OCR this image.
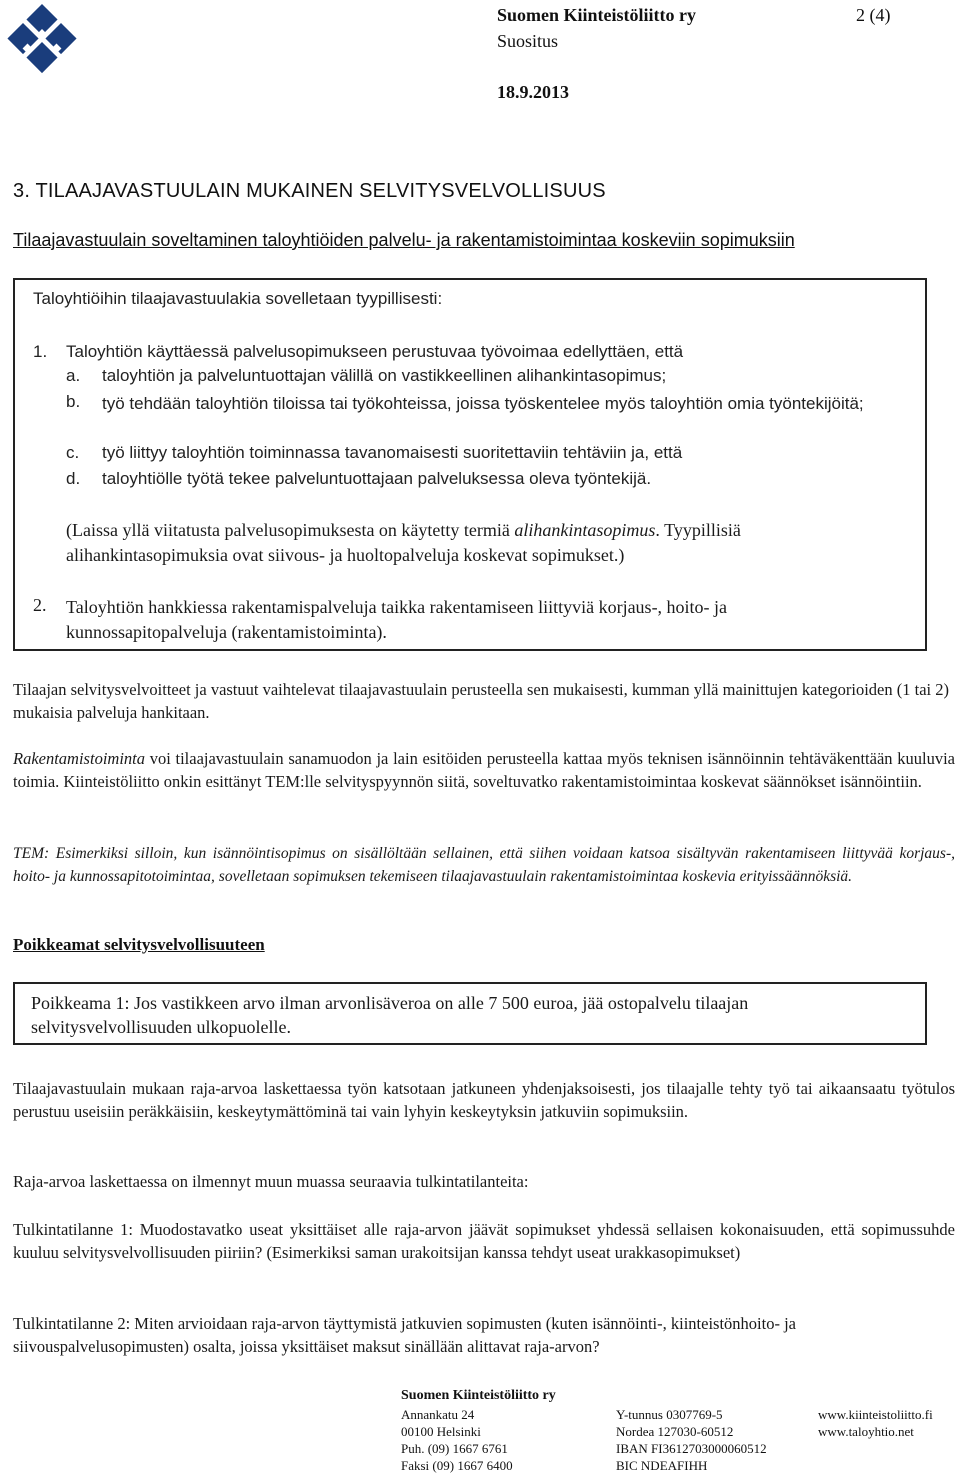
Suomen Kiinteistöliitto ry	2 (4)
Suositus
18.9.2013
3. TILAAJAVASTUULAIN MUKAINEN SELVITYSVELVOLLISUUS
Tilaajavastuulain soveltaminen taloyhtiöiden palvelu- ja rakentamistoimintaa koskeviin sopimuksiin
Taloyhtiöihin tilaajavastuulakia sovelletaan tyypillisesti:
1. Taloyhtiön käyttäessä palvelusopimukseen perustuvaa työvoimaa edellyttäen, että
a. taloyhtiön ja palveluntuottajan välillä on vastikkeellinen alihankintasopimus;
b. työ tehdään taloyhtiön tiloissa tai työkohteissa, joissa työskentelee myös taloyhtiön omia työntekijöitä;
c. työ liittyy taloyhtiön toiminnassa tavanomaisesti suoritettaviin tehtäviin ja, että
d. taloyhtiölle työtä tekee palveluntuottajaan palveluksessa oleva työntekijä.
(Laissa yllä viitatusta palvelusopimuksesta on käytetty termiä alihankintasopimus. Tyypillisiä alihankintasopimuksia ovat siivous- ja huoltopalveluja koskevat sopimukset.)
2. Taloyhtiön hankkiessa rakentamispalveluja taikka rakentamiseen liittyviä korjaus-, hoito- ja kunnossapitopalveluja (rakentamistoiminta).
Tilaajan selvitysvelvoitteet ja vastuut vaihtelevat tilaajavastuulain perusteella sen mukaisesti, kumman yllä mainittujen kategorioiden (1 tai 2) mukaisia palveluja hankitaan.
Rakentamistoiminta voi tilaajavastuulain sanamuodon ja lain esitöiden perusteella kattaa myös teknisen isännöinnin tehtäväkenttään kuuluvia toimia. Kiinteistöliitto onkin esittänyt TEM:lle selvityspyynnön siitä, soveltuvatko rakentamistoimintaa koskevat säännökset isännöintiin.
TEM: Esimerkiksi silloin, kun isännöintisopimus on sisällöltään sellainen, että siihen voidaan katsoa sisältyvän rakentamiseen liittyvää korjaus-, hoito- ja kunnossapitotoimintaa, sovelletaan sopimuksen tekemiseen tilaajavastuulain rakentamistoimintaa koskevia erityissäännöksiä.
Poikkeamat selvitysvelvollisuuteen
Poikkeama 1: Jos vastikkeen arvo ilman arvonlisäveroa on alle 7 500 euroa, jää ostopalvelu tilaajan selvitysvelvollisuuden ulkopuolelle.
Tilaajavastuulain mukaan raja-arvoa laskettaessa työn katsotaan jatkuneen yhdenjaksoisesti, jos tilaajalle tehty työ tai aikaansaatu työtulos perustuu useisiin peräkkäisiin, keskeytymättöminä tai vain lyhyin keskeytyksin jatkuviin sopimuksiin.
Raja-arvoa laskettaessa on ilmennyt muun muassa seuraavia tulkintatilanteita:
Tulkintatilanne 1: Muodostavatko useat yksittäiset alle raja-arvon jäävät sopimukset yhdessä sellaisen kokonaisuuden, että sopimussuhde kuuluu selvitysvelvollisuuden piiriin? (Esimerkiksi saman urakoitsijan kanssa tehdyt useat urakkasopimukset)
Tulkintatilanne 2: Miten arvioidaan raja-arvon täyttymistä jatkuvien sopimusten (kuten isännöinti-, kiinteistönhoito- ja siivouspalvelusopimusten) osalta, joissa yksittäiset maksut sinällään alittavat raja-arvon?
Suomen Kiinteistöliitto ry
Annankatu 24
00100 Helsinki
Puh. (09) 1667 6761
Faksi (09) 1667 6400
Y-tunnus 0307769-5
Nordea 127030-60512
IBAN FI3612703000060512
BIC NDEAFIHH
www.kiinteistoliitto.fi
www.taloyhtio.net
